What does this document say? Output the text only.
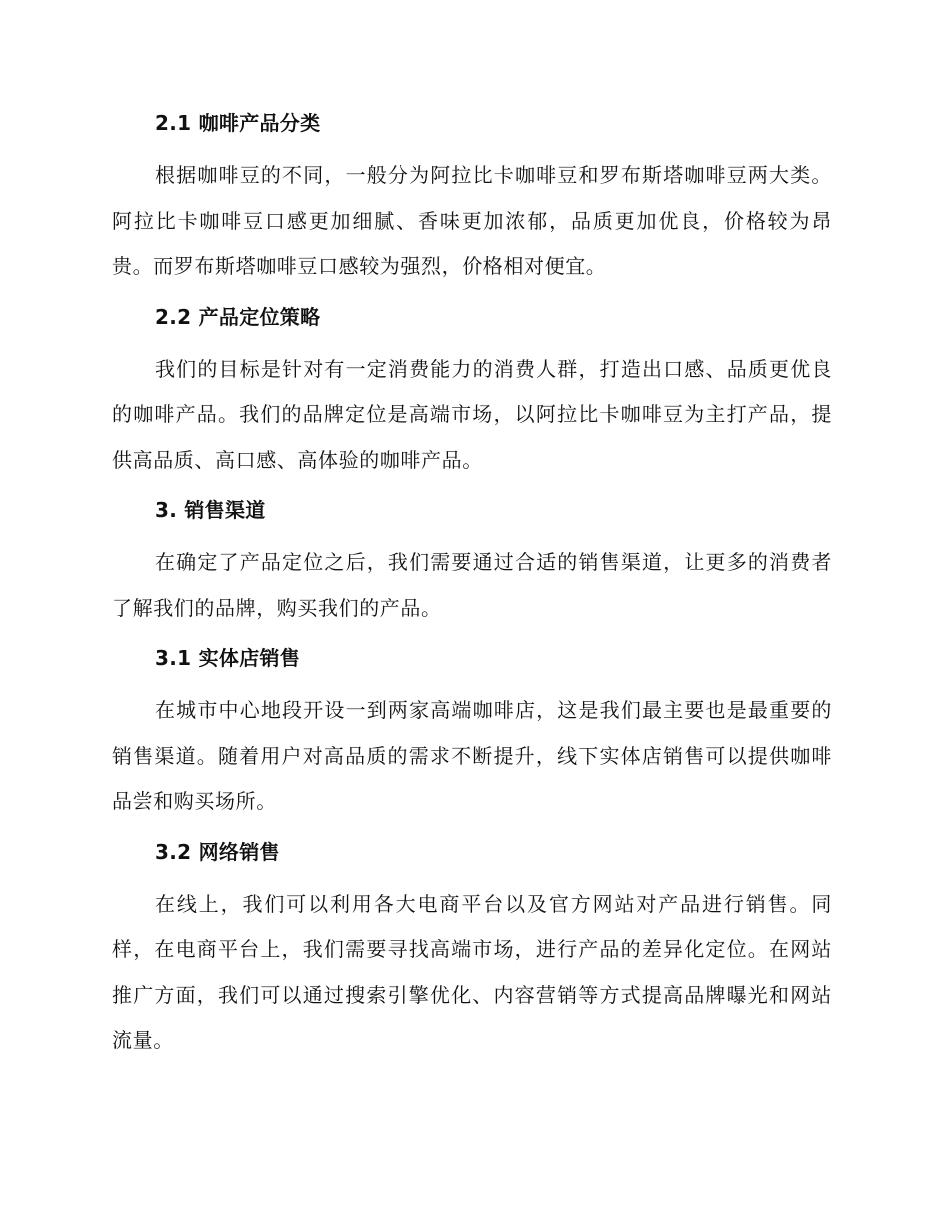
2.1 咖啡产品分类

根据咖啡豆的不同，一般分为阿拉比卡咖啡豆和罗布斯塔咖啡豆两大类。阿拉比卡咖啡豆口感更加细腻、香味更加浓郁，品质更加优良，价格较为昂贵。而罗布斯塔咖啡豆口感较为强烈，价格相对便宜。

2.2 产品定位策略

我们的目标是针对有一定消费能力的消费人群，打造出口感、品质更优良的咖啡产品。我们的品牌定位是高端市场，以阿拉比卡咖啡豆为主打产品，提供高品质、高口感、高体验的咖啡产品。

3. 销售渠道

在确定了产品定位之后，我们需要通过合适的销售渠道，让更多的消费者了解我们的品牌，购买我们的产品。

3.1 实体店销售

在城市中心地段开设一到两家高端咖啡店，这是我们最主要也是最重要的销售渠道。随着用户对高品质的需求不断提升，线下实体店销售可以提供咖啡品尝和购买场所。

3.2 网络销售

在线上，我们可以利用各大电商平台以及官方网站对产品进行销售。同样，在电商平台上，我们需要寻找高端市场，进行产品的差异化定位。在网站推广方面，我们可以通过搜索引擎优化、内容营销等方式提高品牌曝光和网站流量。
